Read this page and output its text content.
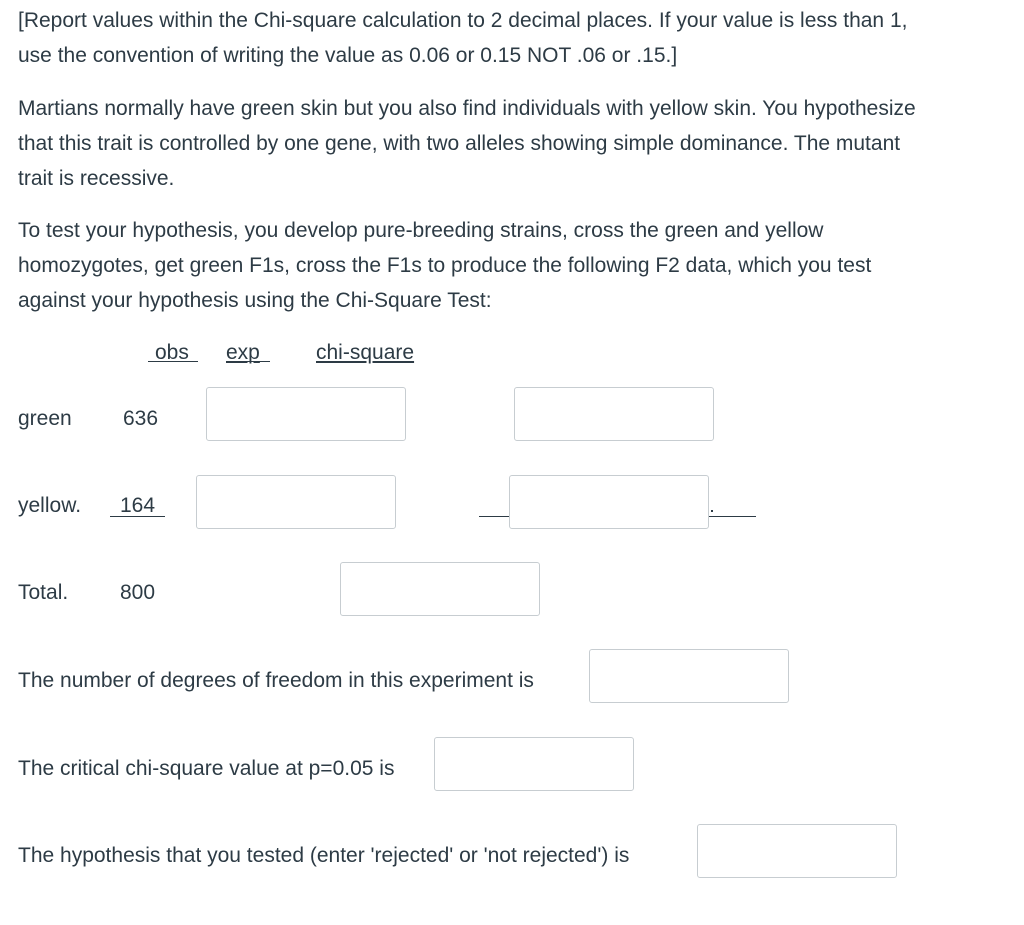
[Report values within the Chi-square calculation to 2 decimal places. If your value is less than 1,
use the convention of writing the value as 0.06 or 0.15 NOT .06 or .15.]

Martians normally have green skin but you also find individuals with yellow skin. You hypothesize
that this trait is controlled by one gene, with two alleles showing simple dominance. The mutant
trait is recessive.

To test your hypothesis, you develop pure-breeding strains, cross the green and yellow
homozygotes, get green F1s, cross the F1s to produce the following F2 data, which you test
against your hypothesis using the Chi-Square Test:

obs exp	chi-square
green 636
yellow. 164
Total. 800
The number of degrees of freedom in this experiment is
The critical chi-square value at p=0.05 is
The hypothesis that you tested (enter 'rejected' or 'not rejected') is
